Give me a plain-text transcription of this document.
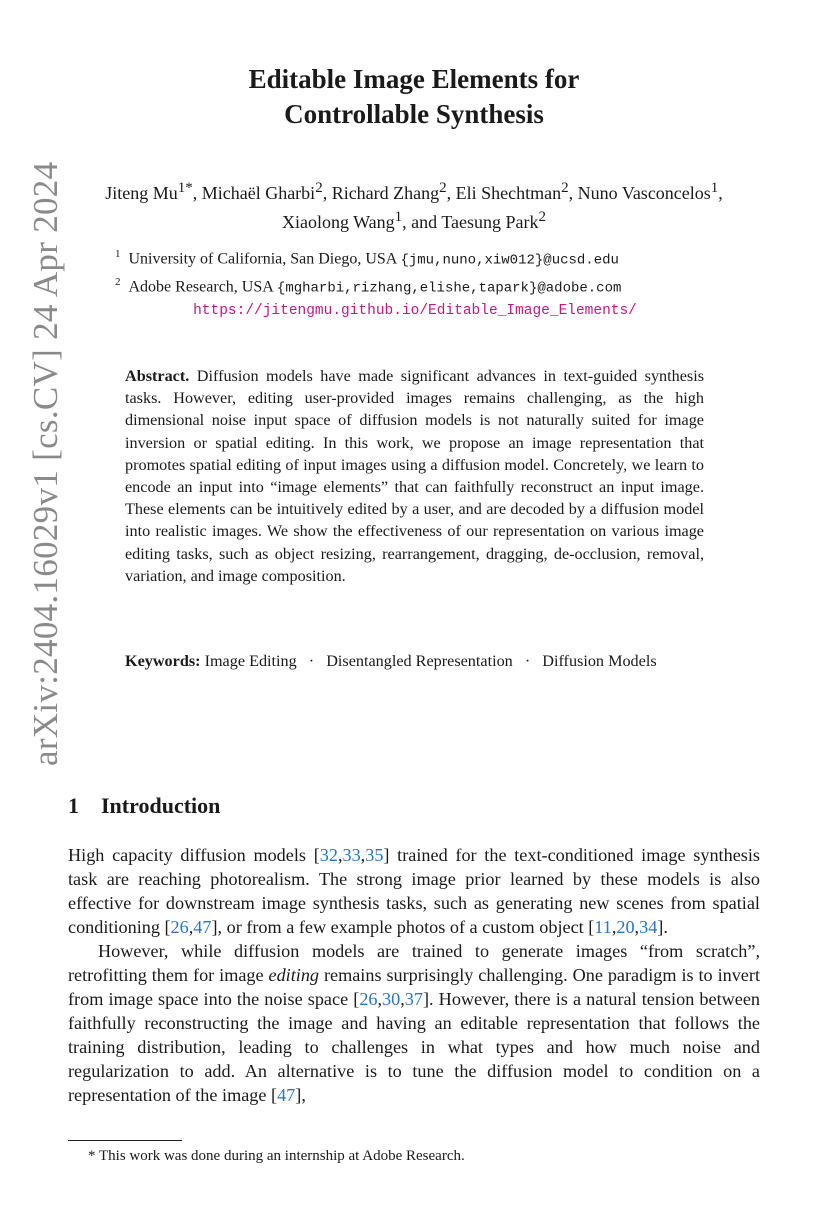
arXiv:2404.16029v1 [cs.CV] 24 Apr 2024
Editable Image Elements for
Controllable Synthesis
Jiteng $Mu^{1*}$, Michaël Gharbi$^2$, Richard Zhang$^2$, Eli Shechtman$^2$, Nuno Vasconcelos$^1$, Xiaolong Wang$^1$, and Taesung Park$^2$
$^1$ University of California, San Diego, USA {jmu,nuno,xiw012}@ucsd.edu
$^2$ Adobe Research, USA {mgharbi,rizhang,elishe,tapark}@adobe.com
https://jitengmu.github.io/Editable_Image_Elements/
Abstract. Diffusion models have made significant advances in text-guided synthesis tasks. However, editing user-provided images remains challenging, as the high dimensional noise input space of diffusion models is not naturally suited for image inversion or spatial editing. In this work, we propose an image representation that promotes spatial editing of input images using a diffusion model. Concretely, we learn to encode an input into “image elements” that can faithfully reconstruct an input image. These elements can be intuitively edited by a user, and are decoded by a diffusion model into realistic images. We show the effectiveness of our representation on various image editing tasks, such as object resizing, rearrangement, dragging, de-occlusion, removal, variation, and image composition.
Keywords: Image Editing · Disentangled Representation · Diffusion Models
1 Introduction

High capacity diffusion models [32,33,35] trained for the text-conditioned image synthesis task are reaching photorealism. The strong image prior learned by these models is also effective for downstream image synthesis tasks, such as generating new scenes from spatial conditioning [26,47], or from a few example photos of a custom object [11,20,34].

However, while diffusion models are trained to generate images “from scratch”, retrofitting them for image editing remains surprisingly challenging. One paradigm is to invert from image space into the noise space [26,30,37]. However, there is a natural tension between faithfully reconstructing the image and having an editable representation that follows the training distribution, leading to challenges in what types and how much noise and regularization to add. An alternative is to tune the diffusion model to condition on a representation of the image [47],

* This work was done during an internship at Adobe Research.
